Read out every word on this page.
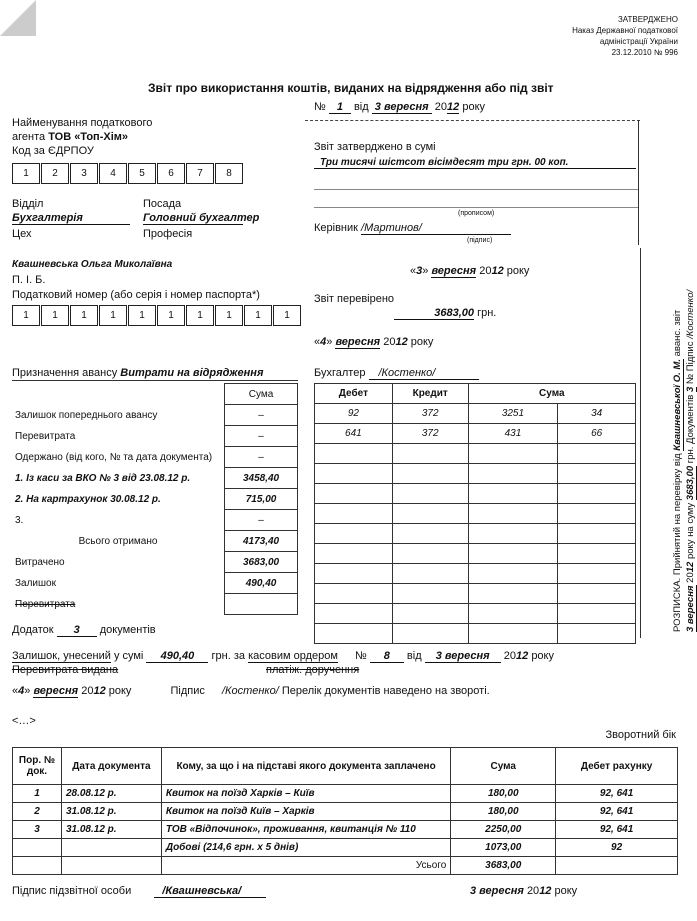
ЗАТВЕРДЖЕНО
Наказ Державної податкової
адміністрації України
23.12.2010 № 996
Звіт про використання коштів, виданих на відрядження або під звіт
№ 1 від 3 вересня 2012 року
Найменування податкового
агента ТОВ «Топ-Хім»
Код за ЄДРПОУ
1	2	3	4	5	6	7	8
Відділ
Бухгалтерія
Цех
Посада
Головний бухгалтер
Професія
Квашневська Ольга Миколаївна
П. І. Б.
Податковий номер (або серія і номер паспорта*)
1	1	1	1	1	1	1	1	1	1
Звіт затверджено в сумі
Три тисячі шістсот вісімдесят три грн. 00 коп.
(прописом)
Керівник /Мартинов/
(підпис)
«3» вересня 2012 року
Звіт перевірено
3683,00 грн.
«4» вересня 2012 року
РОЗПИСКА. Прийнятий на перевірку від Квашневської О. М. аванс. звіт
3 вересня 2012 року на суму 3683,00 грн. Документів 3 № Підпис /Костенко/
Призначення авансу Витрати на відрядження
	Сума
Залишок попереднього авансу	–
Перевитрата	–
Одержано (від кого, № та дата документа)	–
1. Із каси за ВКО № 3 від 23.08.12 р.	3458,40
2. На картрахунок 30.08.12 р.	715,00
3.	–
Всього отримано	4173,40
Витрачено	3683,00
Залишок	490,40
Перевитрата	
Бухгалтер /Костенко/
Дебет	Кредит	Сума	
92	372	3251	34
641	372	431	66

Додаток 3 документів
Залишок, унесений у сумі 490,40 грн. за касовим ордером № 8 від 3 вересня 2012 року
Перевитрата видана	платіж. доручення
«4» вересня 2012 року	Підпис /Костенко/ Перелік документів наведено на звороті.
<…>
Зворотний бік
Пор. № док.	Дата документа	Кому, за що і на підставі якого документа заплачено	Сума	Дебет рахунку
1	28.08.12 р.	Квиток на поїзд Харків – Київ	180,00	92, 641
2	31.08.12 р.	Квиток на поїзд Київ – Харків	180,00	92, 641
3	31.08.12 р.	ТОВ «Відпочинок», проживання, квитанція № 110	2250,00	92, 641
		Добові (214,6 грн. х 5 днів)	1073,00	92
		Усього	3683,00	
Підпис підзвітної особи	/Квашневська/	3 вересня 2012 року
